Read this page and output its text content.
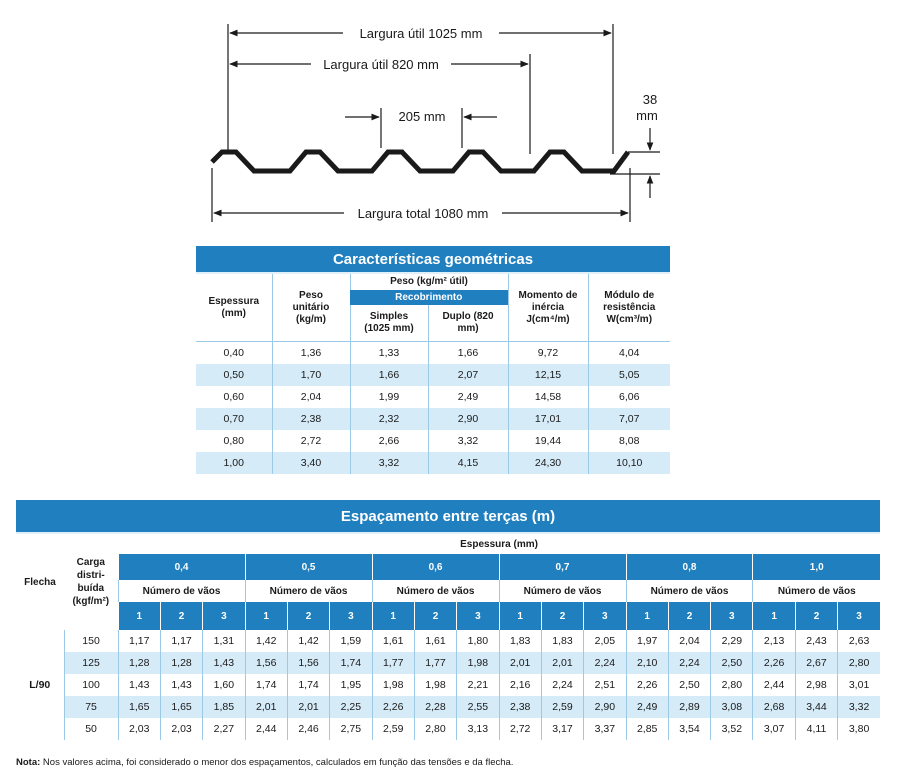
Largura útil 1025 mm
Largura útil 820 mm
205 mm
38
mm
Largura total 1080 mm
Características geométricas					
Espessura (mm)	Peso unitário (kg/m)	Peso (kg/m² útil)		Momento de inércia J(cm⁴/m)	Módulo de resistência W(cm³/m)
		Recobrimento			
		Simples (1025 mm)	Duplo (820 mm)		
0,40	1,36	1,33	1,66	9,72	4,04
0,50	1,70	1,66	2,07	12,15	5,05
0,60	2,04	1,99	2,49	14,58	6,06
0,70	2,38	2,32	2,90	17,01	7,07
0,80	2,72	2,66	3,32	19,44	8,08
1,00	3,40	3,32	4,15	24,30	10,10
Espaçamento entre terças (m)																			
Flecha	Carga distri-buída (kgf/m²)	Espessura (mm)																	
		0,4			0,5			0,6			0,7			0,8			1,0		
		Número de vãos			Número de vãos			Número de vãos			Número de vãos			Número de vãos			Número de vãos		
		1	2	3	1	2	3	1	2	3	1	2	3	1	2	3	1	2	3
L/90	150	1,17	1,17	1,31	1,42	1,42	1,59	1,61	1,61	1,80	1,83	1,83	2,05	1,97	2,04	2,29	2,13	2,43	2,63
	125	1,28	1,28	1,43	1,56	1,56	1,74	1,77	1,77	1,98	2,01	2,01	2,24	2,10	2,24	2,50	2,26	2,67	2,80
	100	1,43	1,43	1,60	1,74	1,74	1,95	1,98	1,98	2,21	2,16	2,24	2,51	2,26	2,50	2,80	2,44	2,98	3,01
	75	1,65	1,65	1,85	2,01	2,01	2,25	2,26	2,28	2,55	2,38	2,59	2,90	2,49	2,89	3,08	2,68	3,44	3,32
	50	2,03	2,03	2,27	2,44	2,46	2,75	2,59	2,80	3,13	2,72	3,17	3,37	2,85	3,54	3,52	3,07	4,11	3,80
Nota: Nos valores acima, foi considerado o menor dos espaçamentos, calculados em função das tensões e da flecha.
